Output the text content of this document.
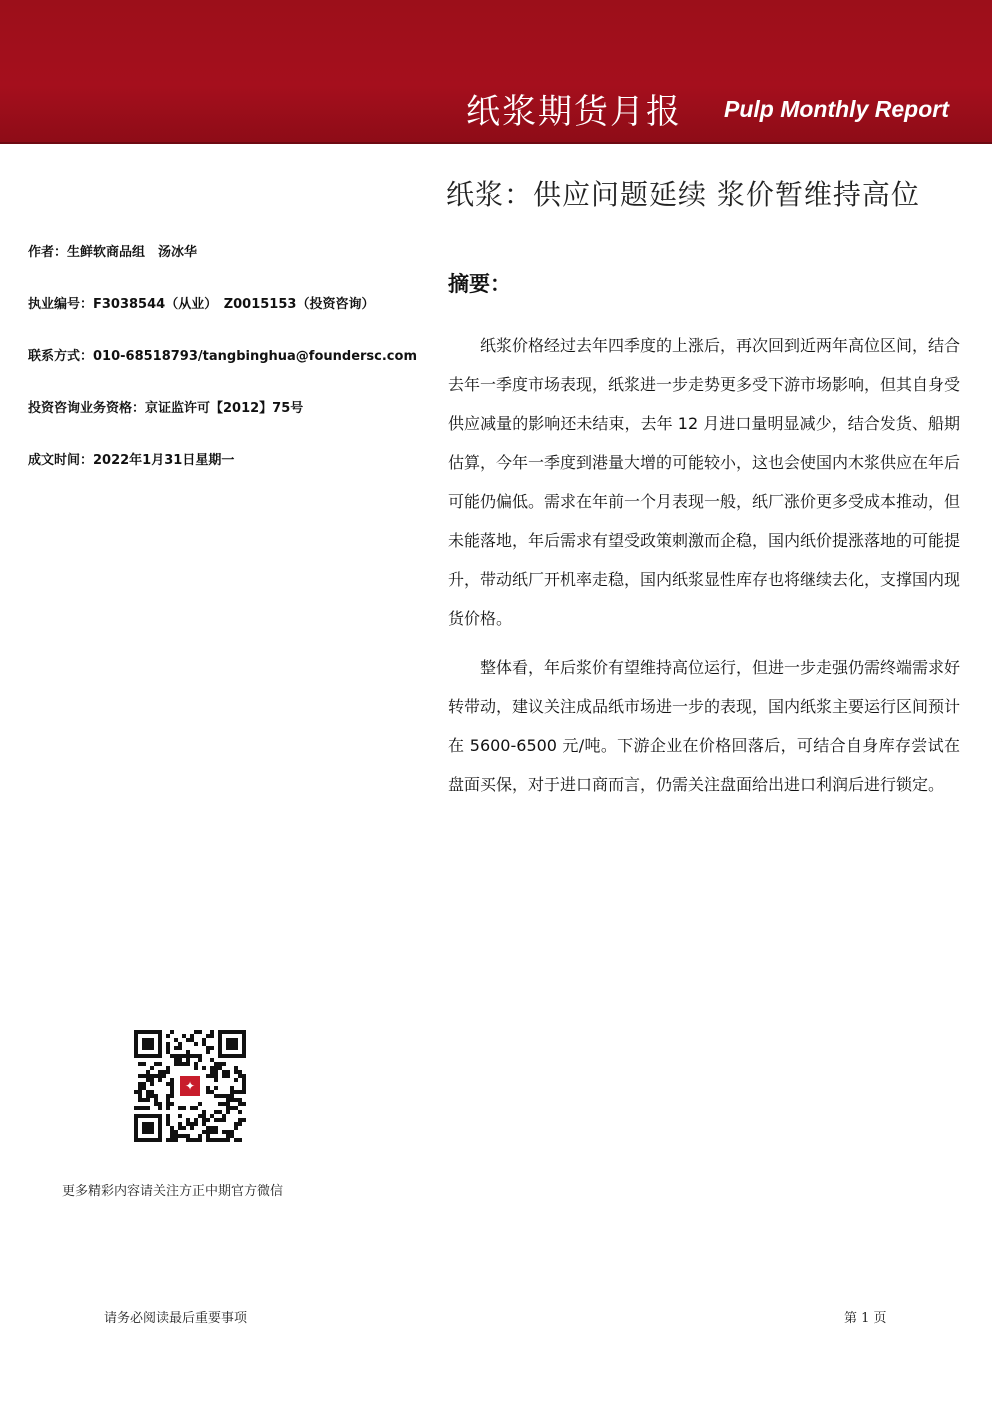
纸浆期货月报 Pulp Monthly Report
纸浆：供应问题延续 浆价暂维持高位
作者：生鲜软商品组　汤冰华
执业编号：F3038544（从业）　Z0015153（投资咨询）
联系方式：010-68518793/tangbinghua@foundersc.com
投资咨询业务资格：京证监许可【2012】75号
成文时间：2022年1月31日星期一
摘要：

纸浆价格经过去年四季度的上涨后，再次回到近两年高位区间，结合去年一季度市场表现，纸浆进一步走势更多受下游市场影响，但其自身受供应减量的影响还未结束，去年 12 月进口量明显减少，结合发货、船期估算，今年一季度到港量大增的可能较小，这也会使国内木浆供应在年后可能仍偏低。需求在年前一个月表现一般，纸厂涨价更多受成本推动，但未能落地，年后需求有望受政策刺激而企稳，国内纸价提涨落地的可能提升，带动纸厂开机率走稳，国内纸浆显性库存也将继续去化，支撑国内现货价格。

整体看，年后浆价有望维持高位运行，但进一步走强仍需终端需求好转带动，建议关注成品纸市场进一步的表现，国内纸浆主要运行区间预计在 5600-6500 元/吨。下游企业在价格回落后，可结合自身库存尝试在盘面买保，对于进口商而言，仍需关注盘面给出进口利润后进行锁定。

✦
更多精彩内容请关注方正中期官方微信
请务必阅读最后重要事项	第 1 页
